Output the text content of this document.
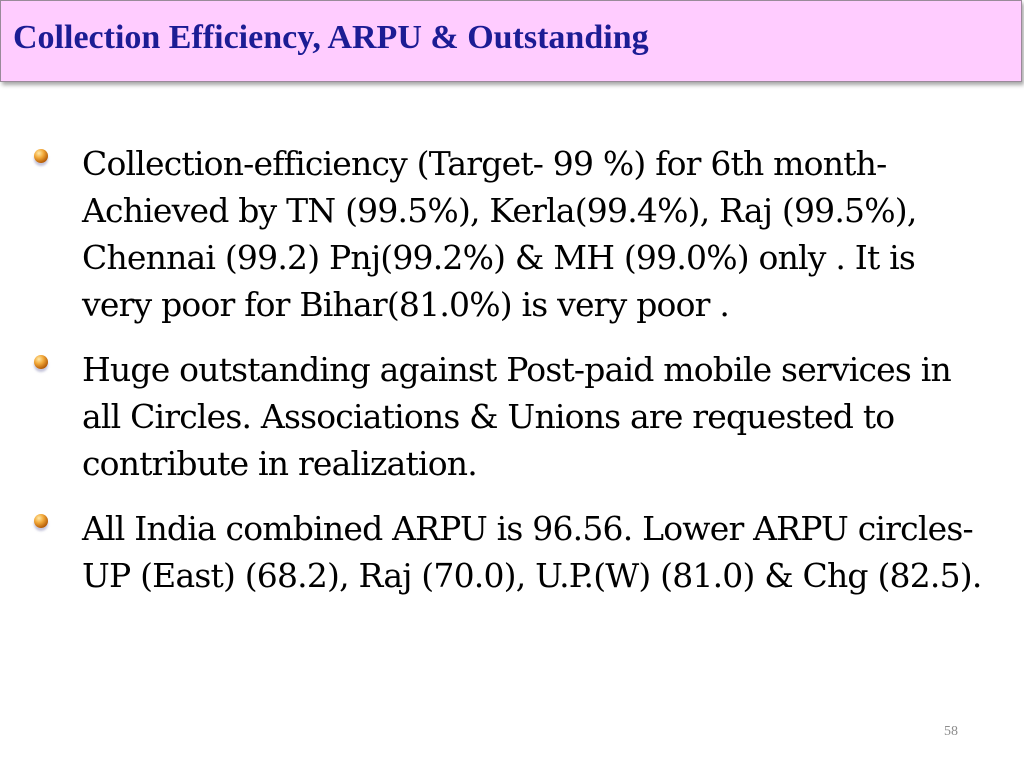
Collection Efficiency, ARPU & Outstanding
Collection-efficiency (Target- 99 %) for 6th month- Achieved by TN (99.5%), Kerla(99.4%), Raj (99.5%), Chennai (99.2) Pnj(99.2%) & MH (99.0%) only . It is very poor for Bihar(81.0%) is very poor .
Huge outstanding against Post-paid mobile services in all Circles. Associations & Unions are requested to contribute in realization.
All India combined ARPU is 96.56. Lower ARPU circles- UP (East) (68.2), Raj (70.0), U.P.(W) (81.0) & Chg (82.5).
58
